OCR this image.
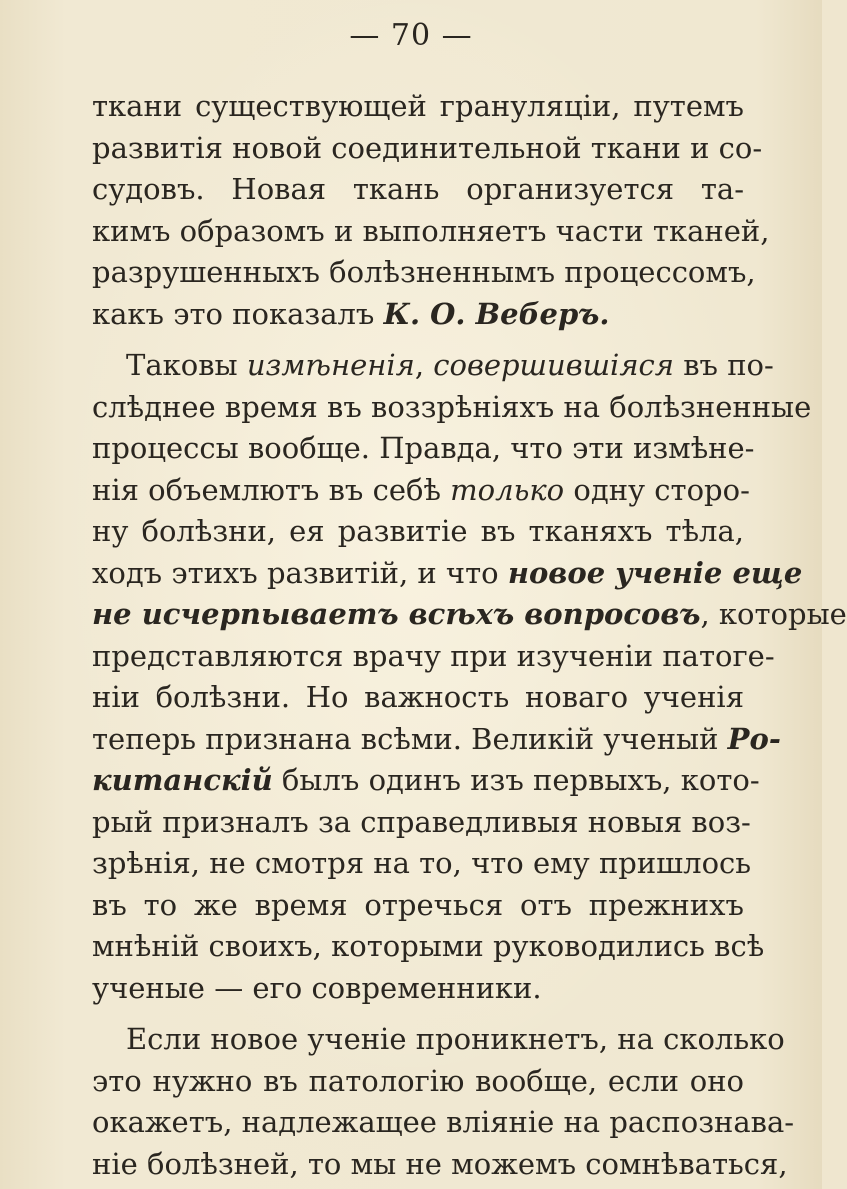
— 70 —
ткани существующей грануляціи, путемъ
развитія новой соединительной ткани и со-
судовъ. Новая ткань организуется та-
кимъ образомъ и выполняетъ части тканей,
разрушенныхъ болѣзненнымъ процессомъ,
какъ это показалъ К. О. Веберъ.
Таковы измѣненія, совершившіяся въ по-
слѣднее время въ воззрѣніяхъ на болѣзненные
процессы вообще. Правда, что эти измѣне-
нія объемлютъ въ себѣ только одну сторо-
ну болѣзни, ея развитіе въ тканяхъ тѣла,
ходъ этихъ развитій, и что новое ученіе еще
не исчерпываетъ всѣхъ вопросовъ, которые
представляются врачу при изученіи патоге-
ніи болѣзни. Но важность новаго ученія
теперь признана всѣми. Великій ученый Ро-
китанскій былъ одинъ изъ первыхъ, кото-
рый призналъ за справедливыя новыя воз-
зрѣнія, не смотря на то, что ему пришлось
въ то же время отречься отъ прежнихъ
мнѣній своихъ, которыми руководились всѣ
ученые — его современники.
Если новое ученіе проникнетъ, на сколько
это нужно въ патологію вообще, если оно
окажетъ, надлежащее вліяніе на распознава-
ніе болѣзней, то мы не можемъ сомнѣваться,
